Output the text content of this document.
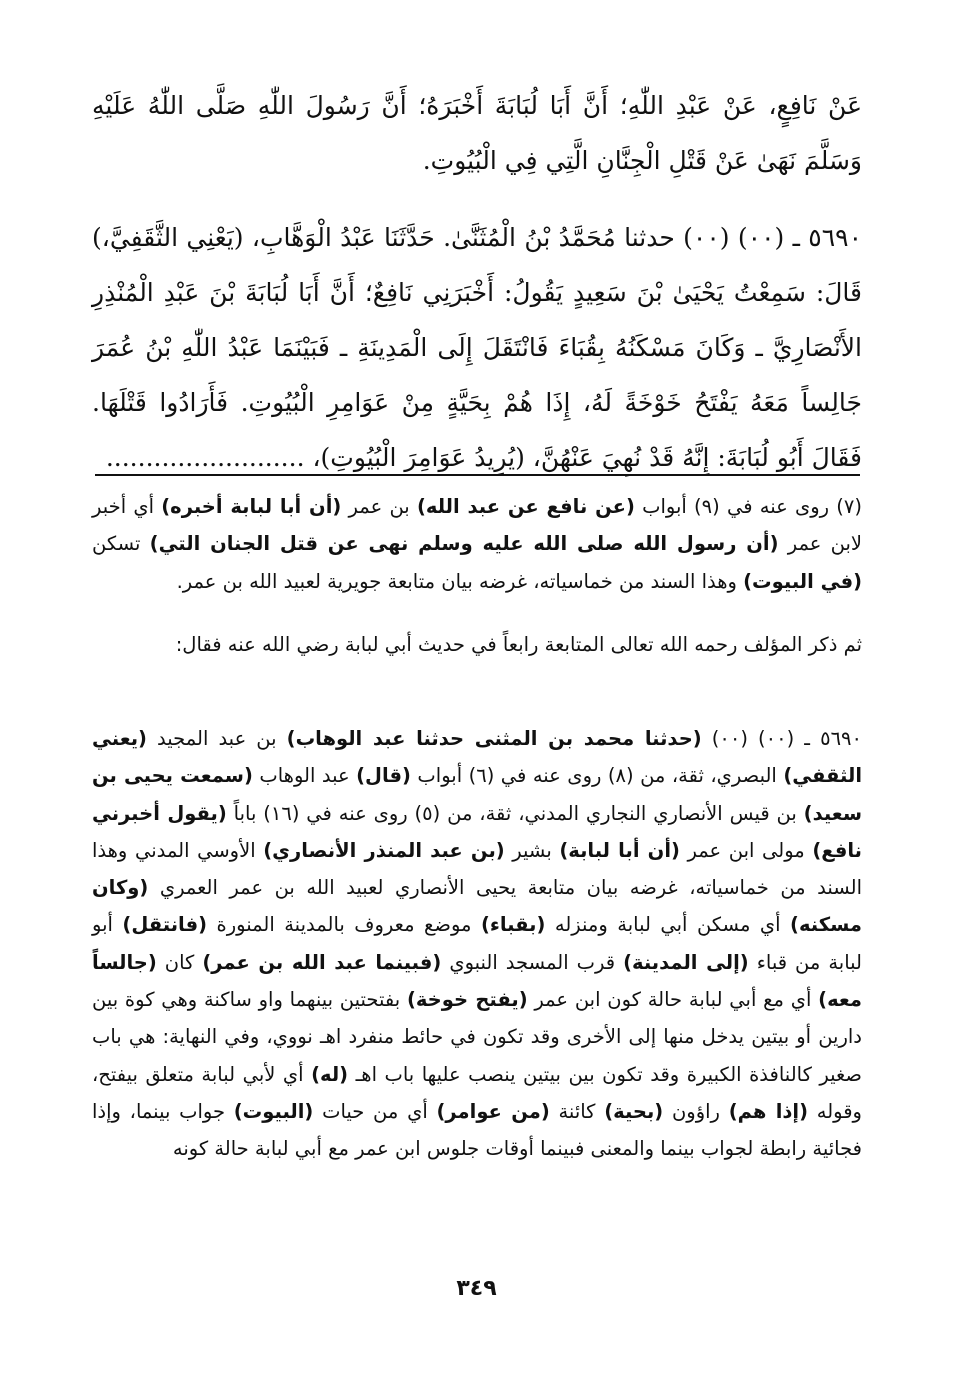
عَنْ نَافِعٍ، عَنْ عَبْدِ اللّٰهِ؛ أَنَّ أَبَا لُبَابَةَ أَخْبَرَهُ؛ أَنَّ رَسُولَ اللّٰهِ صَلَّى اللّٰهُ عَلَيْهِ وَسَلَّمَ نَهَىٰ عَنْ قَتْلِ الْجِنَّانِ الَّتِي فِي الْبُيُوتِ.
٥٦٩٠ ـ (٠٠) (٠٠) حدثنا مُحَمَّدُ بْنُ الْمُثَنَّىٰ. حَدَّثَنَا عَبْدُ الْوَهَّابِ، (يَعْنِي الثَّقَفِيَّ،) قَالَ: سَمِعْتُ يَحْيَىٰ بْنَ سَعِيدٍ يَقُولُ: أَخْبَرَنِي نَافِعٌ؛ أَنَّ أَبَا لُبَابَةَ بْنَ عَبْدِ الْمُنْذِرِ الأَنْصَارِيَّ ـ وَكَانَ مَسْكَنُهُ بِقُبَاءَ فَانْتَقَلَ إِلَى الْمَدِينَةِ ـ فَبَيْنَمَا عَبْدُ اللّٰهِ بْنُ عُمَرَ جَالِساً مَعَهُ يَفْتَحُ خَوْخَةً لَهُ، إِذَا هُمْ بِحَيَّةٍ مِنْ عَوَامِرِ الْبُيُوتِ. فَأَرَادُوا قَتْلَهَا. فَقَالَ أَبُو لُبَابَةَ: إِنَّهُ قَدْ نُهِيَ عَنْهُنَّ، (يُرِيدُ عَوَامِرَ الْبُيُوتِ)، .........................
(٧) روى عنه في (٩) أبواب (عن نافع عن عبد الله) بن عمر (أن أبا لبابة أخبره) أي أخبر لابن عمر (أن رسول الله صلى الله عليه وسلم نهى عن قتل الجنان التي) تسكن (في البيوت) وهذا السند من خماسياته، غرضه بيان متابعة جويرية لعبيد الله بن عمر.
ثم ذكر المؤلف رحمه الله تعالى المتابعة رابعاً في حديث أبي لبابة رضي الله عنه فقال:
٥٦٩٠ ـ (٠٠) (٠٠) (حدثنا محمد بن المثنى حدثنا عبد الوهاب) بن عبد المجيد (يعني الثقفي) البصري، ثقة، من (٨) روى عنه في (٦) أبواب (قال) عبد الوهاب (سمعت يحيى بن سعيد) بن قيس الأنصاري النجاري المدني، ثقة، من (٥) روى عنه في (١٦) باباً (يقول أخبرني نافع) مولى ابن عمر (أن أبا لبابة) بشير (بن عبد المنذر الأنصاري) الأوسي المدني وهذا السند من خماسياته، غرضه بيان متابعة يحيى الأنصاري لعبيد الله بن عمر العمري (وكان مسكنه) أي مسكن أبي لبابة ومنزله (بقباء) موضع معروف بالمدينة المنورة (فانتقل) أبو لبابة من قباء (إلى المدينة) قرب المسجد النبوي (فبينما عبد الله بن عمر) كان (جالساً معه) أي مع أبي لبابة حالة كون ابن عمر (يفتح خوخة) بفتحتين بينهما واو ساكنة وهي كوة بين دارين أو بيتين يدخل منها إلى الأخرى وقد تكون في حائط منفرد اهـ نووي، وفي النهاية: هي باب صغير كالنافذة الكبيرة وقد تكون بين بيتين ينصب عليها باب اهـ (له) أي لأبي لبابة متعلق بيفتح، وقوله (إذا هم) راؤون (بحية) كائنة (من عوامر) أي من حيات (البيوت) جواب بينما، وإذا فجائية رابطة لجواب بينما والمعنى فبينما أوقات جلوس ابن عمر مع أبي لبابة حالة كونه
٣٤٩
